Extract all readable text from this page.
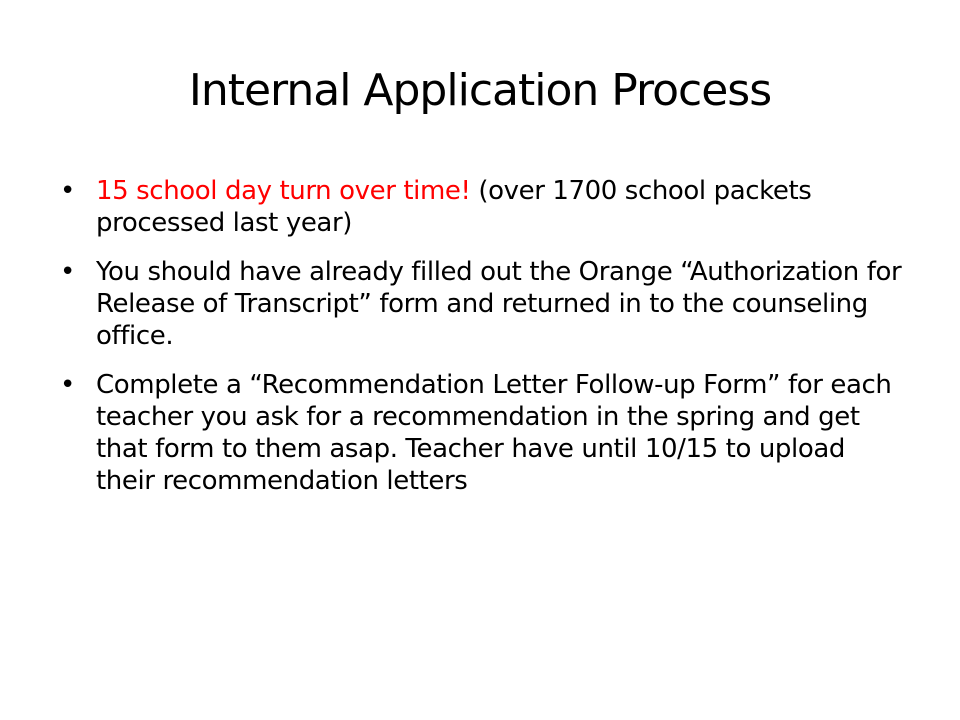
Internal Application Process
• 15 school day turn over time! (over 1700 school packets processed last year)
• You should have already filled out the Orange “Authorization for Release of Transcript” form and returned in to the counseling office.
• Complete a “Recommendation Letter Follow-up Form” for each teacher you ask for a recommendation in the spring and get that form to them asap. Teacher have until 10/15 to upload their recommendation letters
